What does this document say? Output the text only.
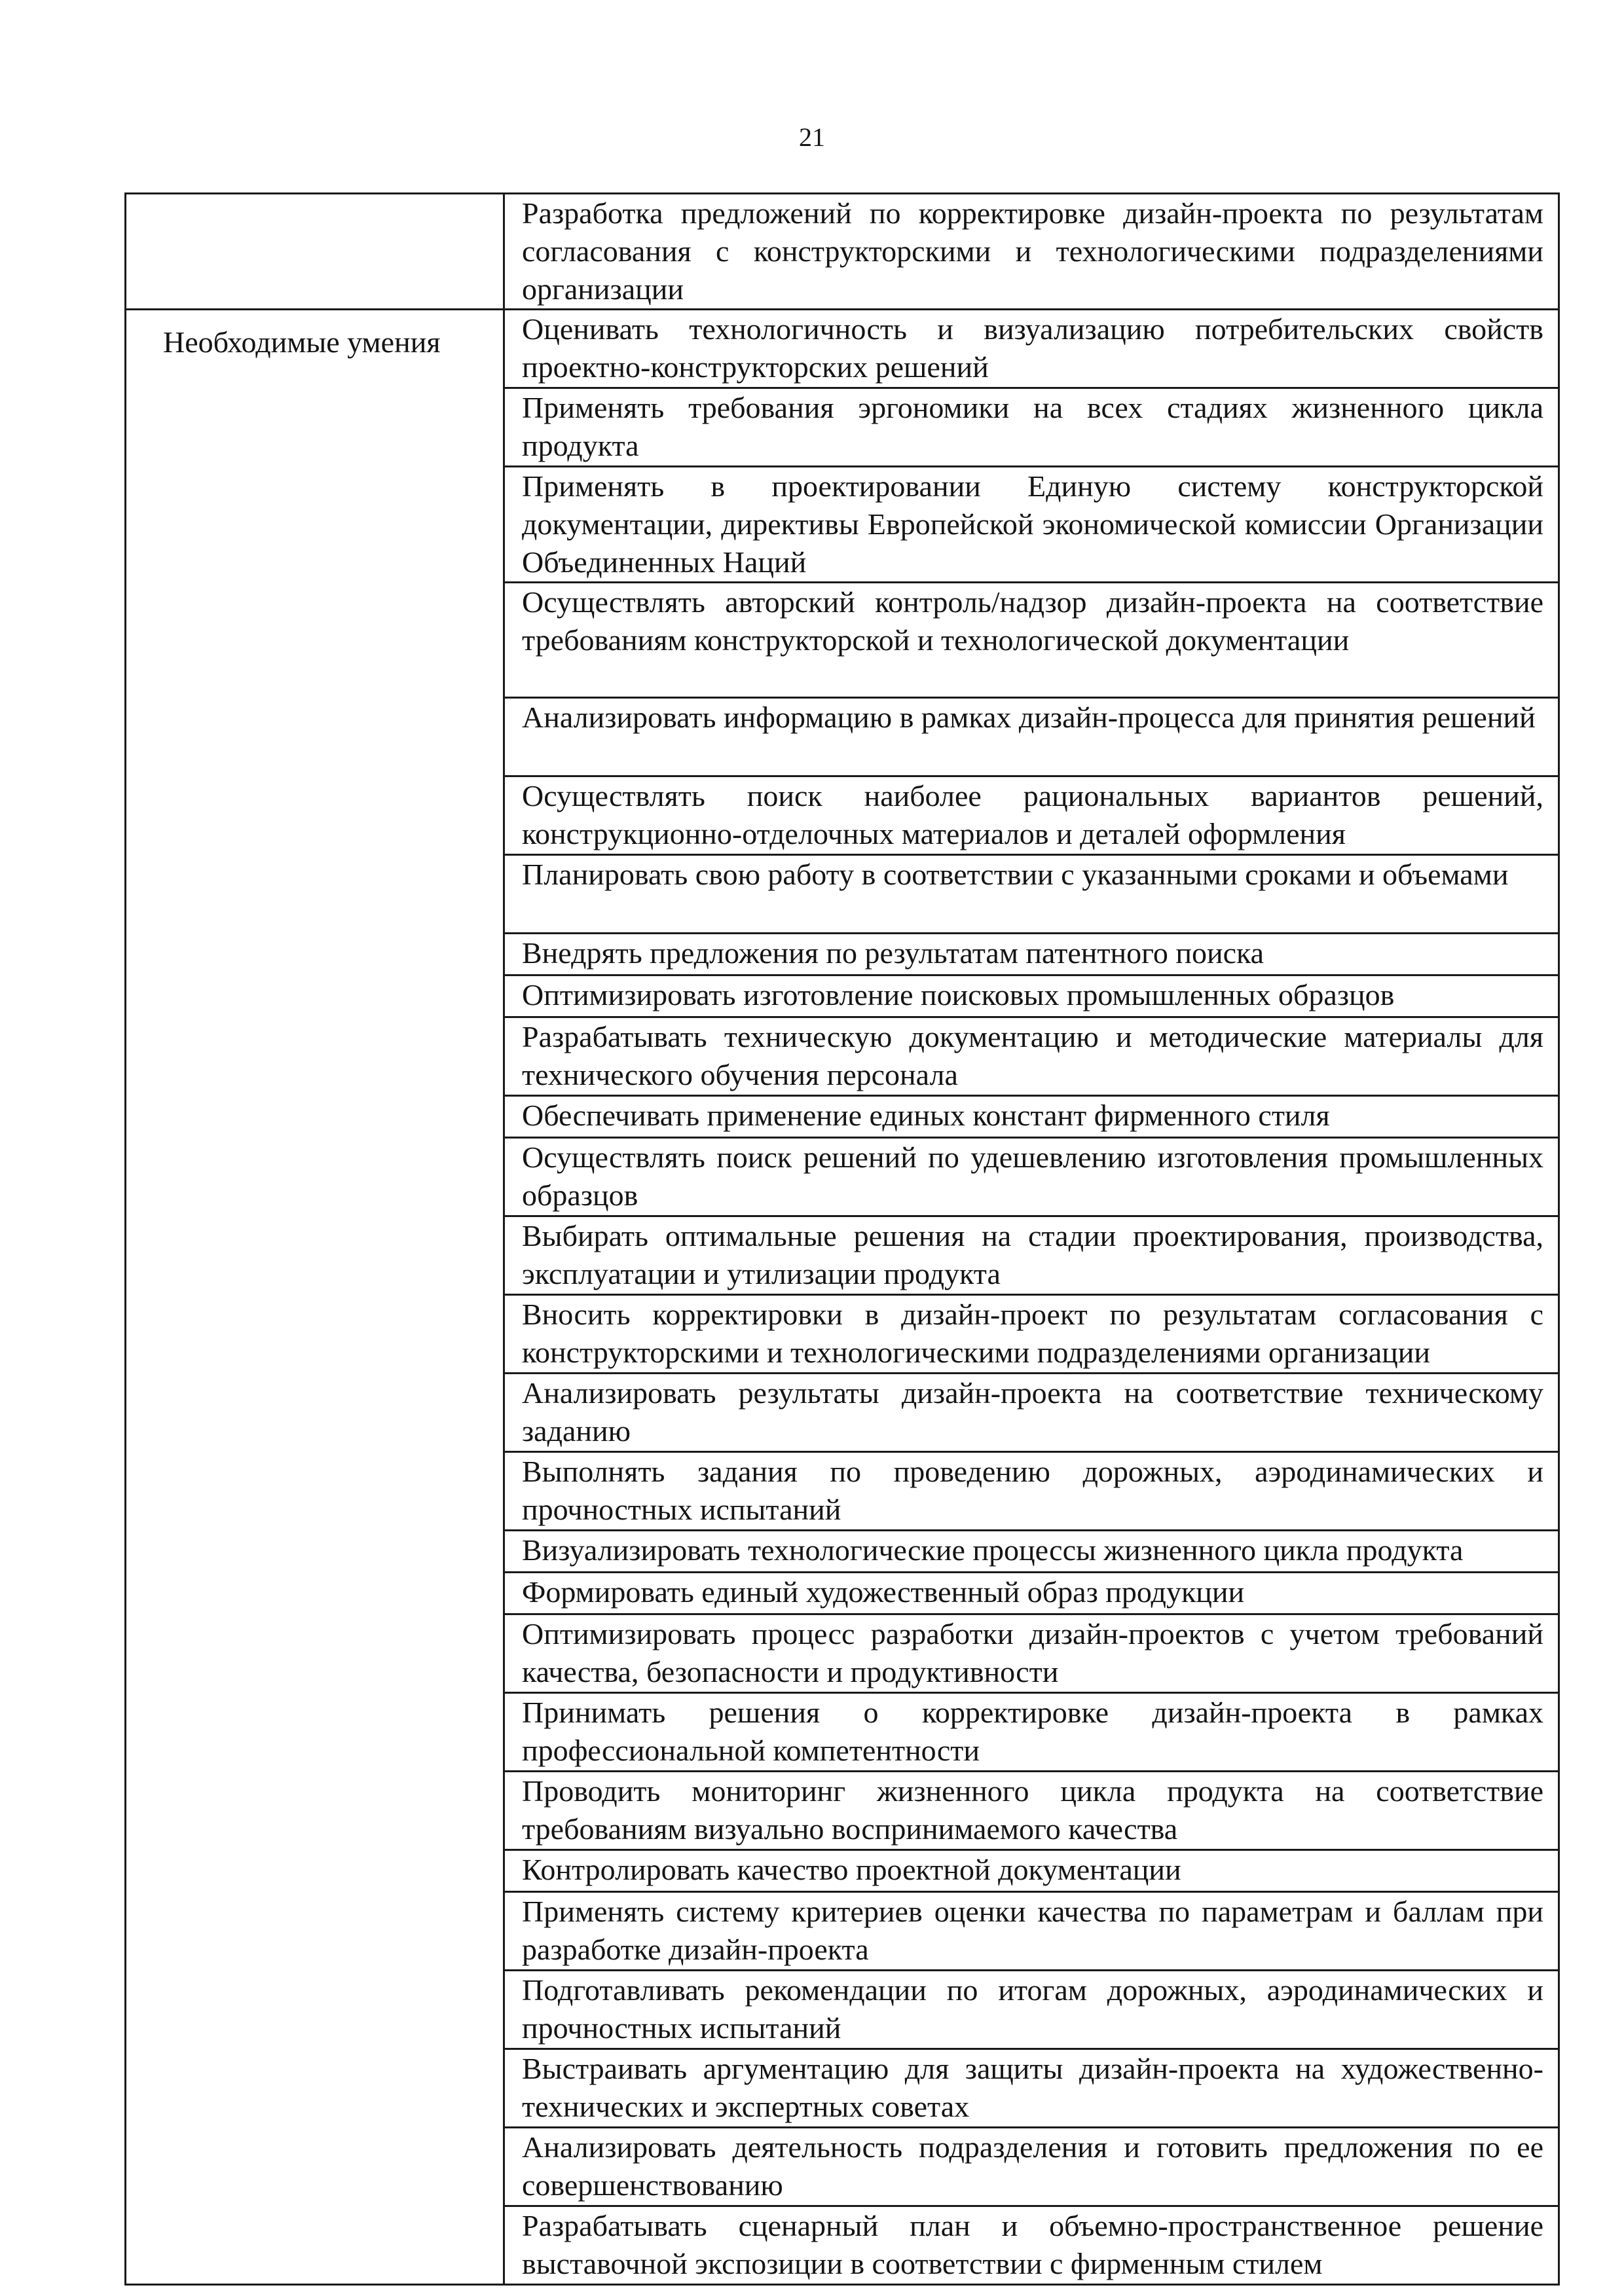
21

	Разработка предложений по корректировке дизайн-проекта по результатам согласования с конструкторскими и технологическими подразделениями организации

Необходимые умения	Оценивать технологичность и визуализацию потребительских свойств проектно-конструкторских решений

	Применять требования эргономики на всех стадиях жизненного цикла продукта

	Применять в проектировании Единую систему конструкторской документации, директивы Европейской экономической комиссии Организации Объединенных Наций

	Осуществлять авторский контроль/надзор дизайн-проекта на соответствие требованиям конструкторской и технологической документации

	Анализировать информацию в рамках дизайн-процесса для принятия решений

	Осуществлять поиск наиболее рациональных вариантов решений, конструкционно-отделочных материалов и деталей оформления

	Планировать свою работу в соответствии с указанными сроками и объемами

	Внедрять предложения по результатам патентного поиска

	Оптимизировать изготовление поисковых промышленных образцов

	Разрабатывать техническую документацию и методические материалы для технического обучения персонала

	Обеспечивать применение единых констант фирменного стиля

	Осуществлять поиск решений по удешевлению изготовления промышленных образцов

	Выбирать оптимальные решения на стадии проектирования, производства, эксплуатации и утилизации продукта

	Вносить корректировки в дизайн-проект по результатам согласования с конструкторскими и технологическими подразделениями организации

	Анализировать результаты дизайн-проекта на соответствие техническому заданию

	Выполнять задания по проведению дорожных, аэродинамических и прочностных испытаний

	Визуализировать технологические процессы жизненного цикла продукта

	Формировать единый художественный образ продукции

	Оптимизировать процесс разработки дизайн-проектов с учетом требований качества, безопасности и продуктивности

	Принимать решения о корректировке дизайн-проекта в рамках профессиональной компетентности

	Проводить мониторинг жизненного цикла продукта на соответствие требованиям визуально воспринимаемого качества

	Контролировать качество проектной документации

	Применять систему критериев оценки качества по параметрам и баллам при разработке дизайн-проекта

	Подготавливать рекомендации по итогам дорожных, аэродинамических и прочностных испытаний

	Выстраивать аргументацию для защиты дизайн-проекта на художественно-технических и экспертных советах

	Анализировать деятельность подразделения и готовить предложения по ее совершенствованию

	Разрабатывать сценарный план и объемно-пространственное решение выставочной экспозиции в соответствии с фирменным стилем
